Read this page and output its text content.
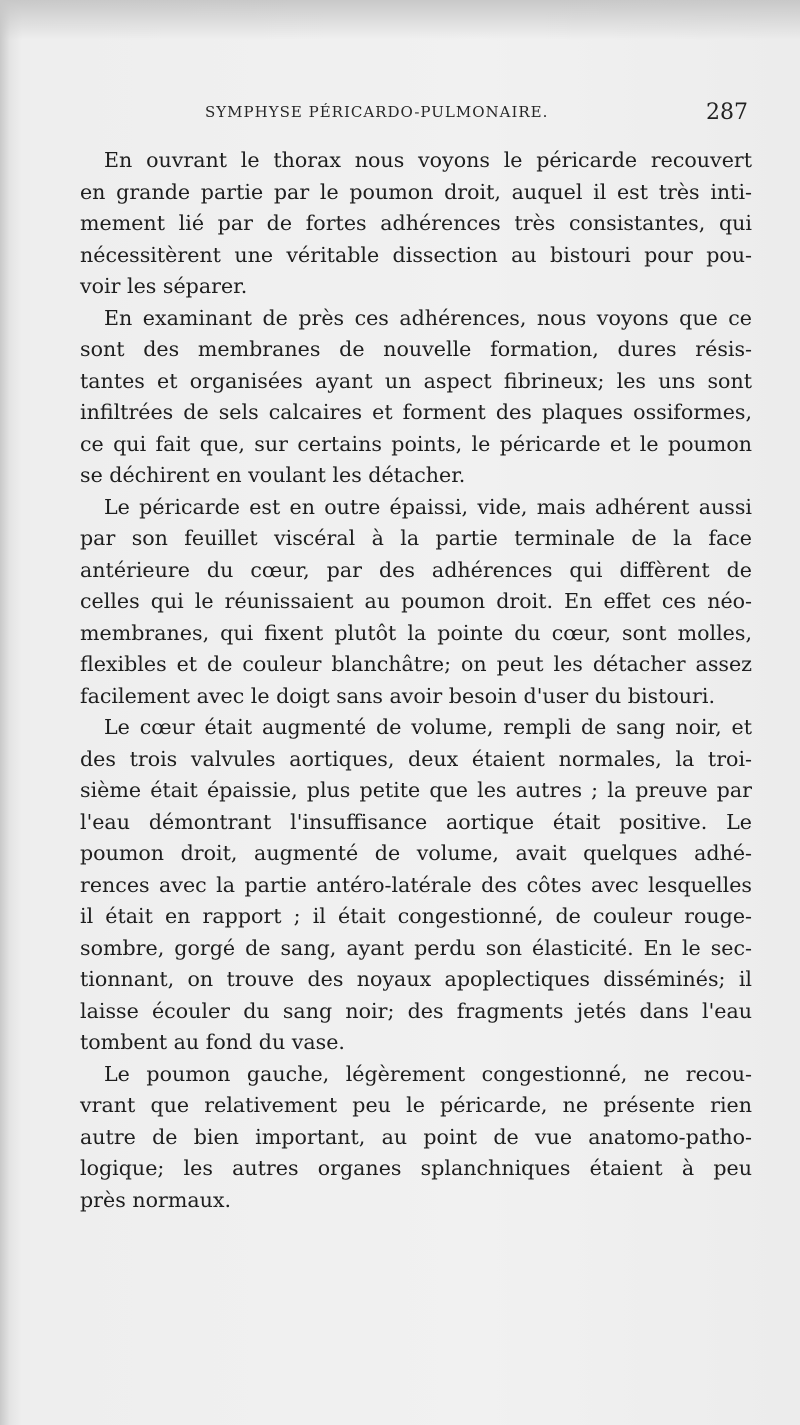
SYMPHYSE PÉRICARDO-PULMONAIRE.	287
En ouvrant le thorax nous voyons le péricarde recouvert
en grande partie par le poumon droit, auquel il est très inti-
mement lié par de fortes adhérences très consistantes, qui
nécessitèrent une véritable dissection au bistouri pour pou-
voir les séparer.
En examinant de près ces adhérences, nous voyons que ce
sont des membranes de nouvelle formation, dures résis-
tantes et organisées ayant un aspect fibrineux; les uns sont
infiltrées de sels calcaires et forment des plaques ossiformes,
ce qui fait que, sur certains points, le péricarde et le poumon
se déchirent en voulant les détacher.
Le péricarde est en outre épaissi, vide, mais adhérent aussi
par son feuillet viscéral à la partie terminale de la face
antérieure du cœur, par des adhérences qui diffèrent de
celles qui le réunissaient au poumon droit. En effet ces néo-
membranes, qui fixent plutôt la pointe du cœur, sont molles,
flexibles et de couleur blanchâtre; on peut les détacher assez
facilement avec le doigt sans avoir besoin d'user du bistouri.
Le cœur était augmenté de volume, rempli de sang noir, et
des trois valvules aortiques, deux étaient normales, la troi-
sième était épaissie, plus petite que les autres ; la preuve par
l'eau démontrant l'insuffisance aortique était positive. Le
poumon droit, augmenté de volume, avait quelques adhé-
rences avec la partie antéro-latérale des côtes avec lesquelles
il était en rapport ; il était congestionné, de couleur rouge-
sombre, gorgé de sang, ayant perdu son élasticité. En le sec-
tionnant, on trouve des noyaux apoplectiques disséminés; il
laisse écouler du sang noir; des fragments jetés dans l'eau
tombent au fond du vase.
Le poumon gauche, légèrement congestionné, ne recou-
vrant que relativement peu le péricarde, ne présente rien
autre de bien important, au point de vue anatomo-patho-
logique; les autres organes splanchniques étaient à peu
près normaux.
